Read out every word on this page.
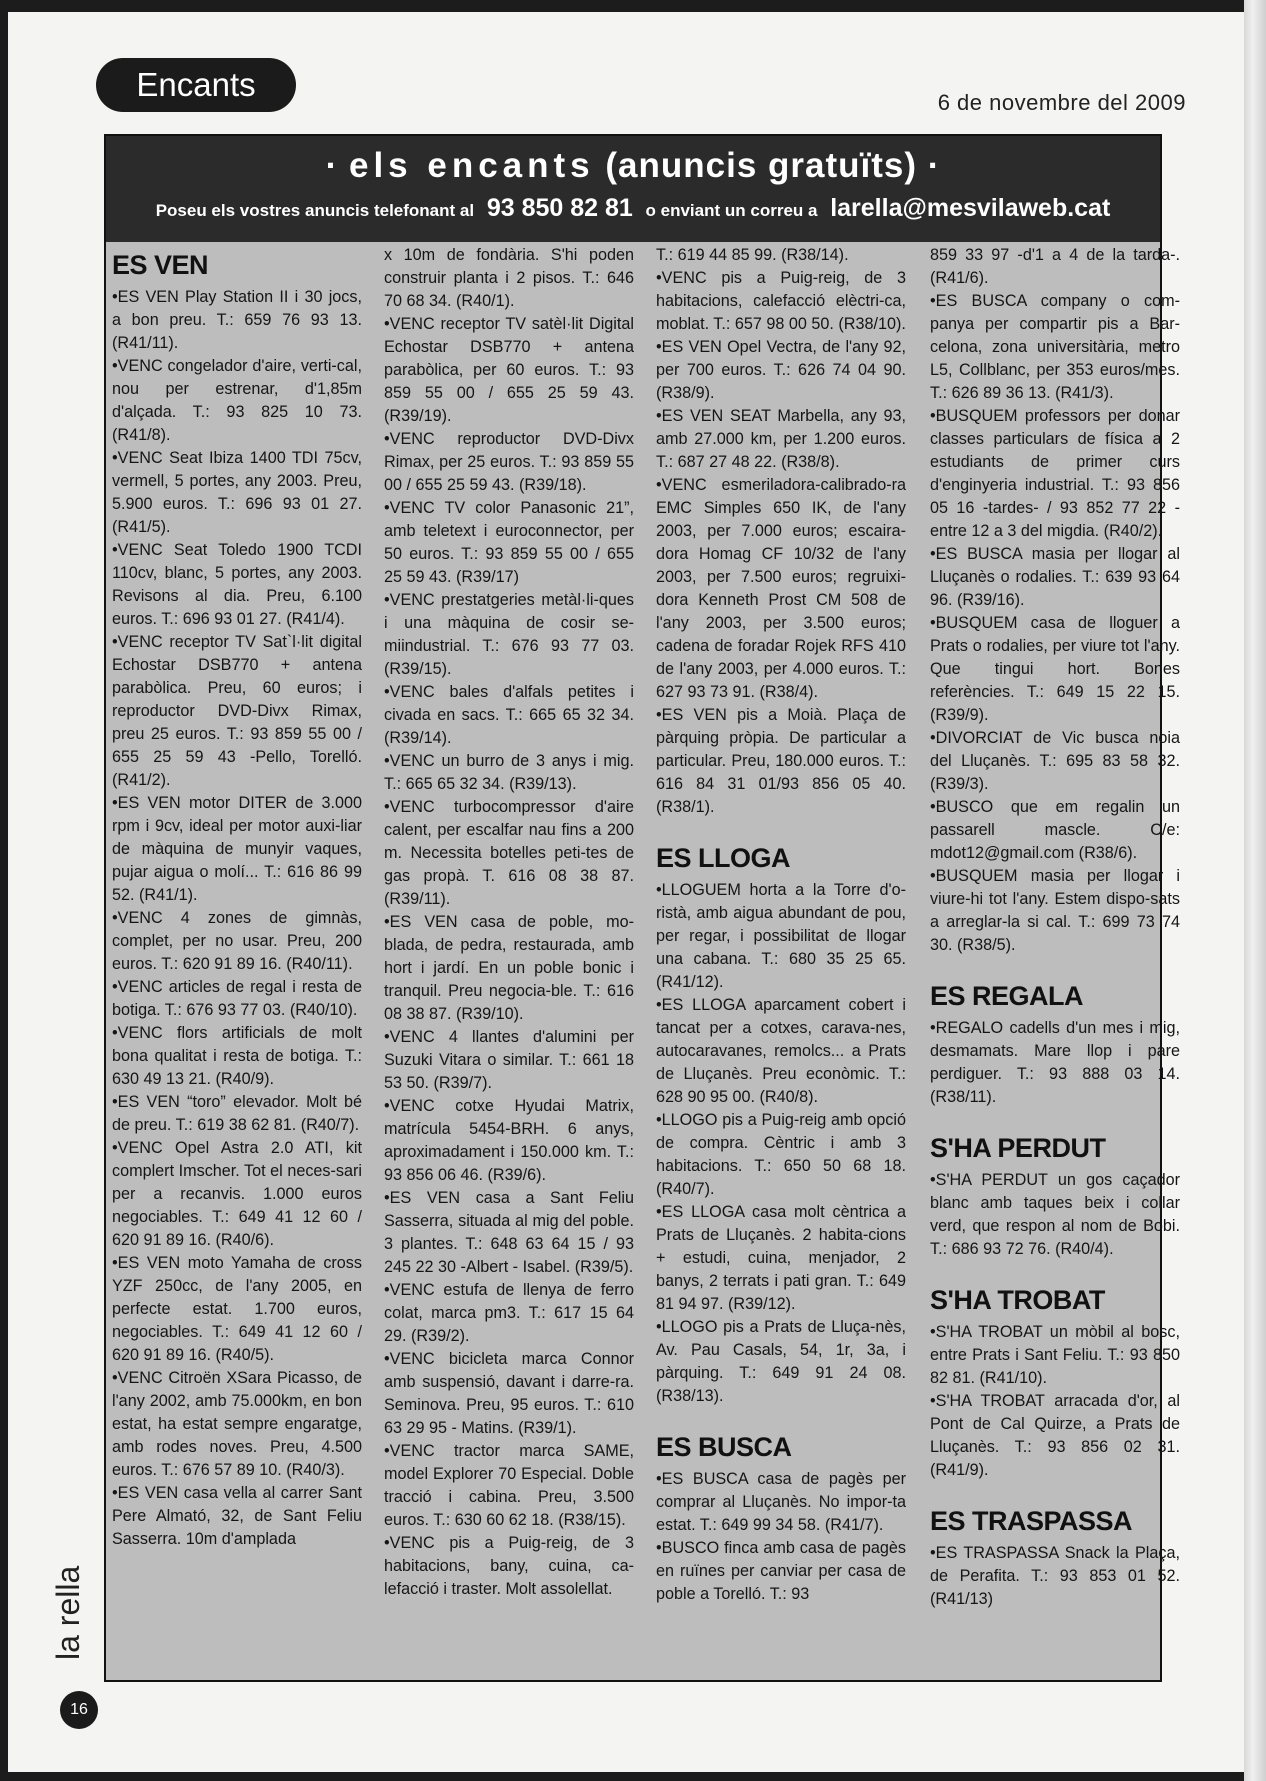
Encants	6 de novembre del 2009
· els encants (anuncis gratuïts) ·
Poseu els vostres anuncis telefonant al 93 850 82 81 o enviant un correu a larella@mesvilaweb.cat
ES VEN

•ES VEN Play Station II i 30 jocs, a bon preu. T.: 659 76 93 13. (R41/11).

•VENC congelador d'aire, verti-cal, nou per estrenar, d'1,85m d'alçada. T.: 93 825 10 73. (R41/8).

•VENC Seat Ibiza 1400 TDI 75cv, vermell, 5 portes, any 2003. Preu, 5.900 euros. T.: 696 93 01 27. (R41/5).

•VENC Seat Toledo 1900 TCDI 110cv, blanc, 5 portes, any 2003. Revisons al dia. Preu, 6.100 euros. T.: 696 93 01 27. (R41/4).

•VENC receptor TV Sat`l·lit digital Echostar DSB770 + antena parabòlica. Preu, 60 euros; i reproductor DVD-Divx Rimax, preu 25 euros. T.: 93 859 55 00 / 655 25 59 43 -Pello, Torelló. (R41/2).

•ES VEN motor DITER de 3.000 rpm i 9cv, ideal per motor auxi-liar de màquina de munyir vaques, pujar aigua o molí... T.: 616 86 99 52. (R41/1).

•VENC 4 zones de gimnàs, complet, per no usar. Preu, 200 euros. T.: 620 91 89 16. (R40/11).

•VENC articles de regal i resta de botiga. T.: 676 93 77 03. (R40/10).

•VENC flors artificials de molt bona qualitat i resta de botiga. T.: 630 49 13 21. (R40/9).

•ES VEN “toro” elevador. Molt bé de preu. T.: 619 38 62 81. (R40/7).

•VENC Opel Astra 2.0 ATI, kit complert Imscher. Tot el neces-sari per a recanvis. 1.000 euros negociables. T.: 649 41 12 60 / 620 91 89 16. (R40/6).

•ES VEN moto Yamaha de cross YZF 250cc, de l'any 2005, en perfecte estat. 1.700 euros, negociables. T.: 649 41 12 60 / 620 91 89 16. (R40/5).

•VENC Citroën XSara Picasso, de l'any 2002, amb 75.000km, en bon estat, ha estat sempre engaratge, amb rodes noves. Preu, 4.500 euros. T.: 676 57 89 10. (R40/3).

•ES VEN casa vella al carrer Sant Pere Almató, 32, de Sant Feliu Sasserra. 10m d'amplada

x 10m de fondària. S'hi poden construir planta i 2 pisos. T.: 646 70 68 34. (R40/1).

•VENC receptor TV satèl·lit Digital Echostar DSB770 + antena parabòlica, per 60 euros. T.: 93 859 55 00 / 655 25 59 43. (R39/19).

•VENC reproductor DVD-Divx Rimax, per 25 euros. T.: 93 859 55 00 / 655 25 59 43. (R39/18).

•VENC TV color Panasonic 21”, amb teletext i euroconnector, per 50 euros. T.: 93 859 55 00 / 655 25 59 43. (R39/17)

•VENC prestatgeries metàl·li-ques i una màquina de cosir se-miindustrial. T.: 676 93 77 03. (R39/15).

•VENC bales d'alfals petites i civada en sacs. T.: 665 65 32 34. (R39/14).

•VENC un burro de 3 anys i mig. T.: 665 65 32 34. (R39/13).

•VENC turbocompressor d'aire calent, per escalfar nau fins a 200 m. Necessita botelles peti-tes de gas propà. T. 616 08 38 87. (R39/11).

•ES VEN casa de poble, mo-blada, de pedra, restaurada, amb hort i jardí. En un poble bonic i tranquil. Preu negocia-ble. T.: 616 08 38 87. (R39/10).

•VENC 4 llantes d'alumini per Suzuki Vitara o similar. T.: 661 18 53 50. (R39/7).

•VENC cotxe Hyudai Matrix, matrícula 5454-BRH. 6 anys, aproximadament i 150.000 km. T.: 93 856 06 46. (R39/6).

•ES VEN casa a Sant Feliu Sasserra, situada al mig del poble. 3 plantes. T.: 648 63 64 15 / 93 245 22 30 -Albert - Isabel. (R39/5).

•VENC estufa de llenya de ferro colat, marca pm3. T.: 617 15 64 29. (R39/2).

•VENC bicicleta marca Connor amb suspensió, davant i darre-ra. Seminova. Preu, 95 euros. T.: 610 63 29 95 - Matins. (R39/1).

•VENC tractor marca SAME, model Explorer 70 Especial. Doble tracció i cabina. Preu, 3.500 euros. T.: 630 60 62 18. (R38/15).

•VENC pis a Puig-reig, de 3 habitacions, bany, cuina, ca-lefacció i traster. Molt assolellat.

T.: 619 44 85 99. (R38/14).

•VENC pis a Puig-reig, de 3 habitacions, calefacció elèctri-ca, moblat. T.: 657 98 00 50. (R38/10).

•ES VEN Opel Vectra, de l'any 92, per 700 euros. T.: 626 74 04 90. (R38/9).

•ES VEN SEAT Marbella, any 93, amb 27.000 km, per 1.200 euros. T.: 687 27 48 22. (R38/8).

•VENC esmeriladora-calibrado-ra EMC Simples 650 IK, de l'any 2003, per 7.000 euros; escaira-dora Homag CF 10/32 de l'any 2003, per 7.500 euros; regruixi-dora Kenneth Prost CM 508 de l'any 2003, per 3.500 euros; cadena de foradar Rojek RFS 410 de l'any 2003, per 4.000 euros. T.: 627 93 73 91. (R38/4).

•ES VEN pis a Moià. Plaça de pàrquing pròpia. De particular a particular. Preu, 180.000 euros. T.: 616 84 31 01/93 856 05 40. (R38/1).

ES LLOGA

•LLOGUEM horta a la Torre d'o-ristà, amb aigua abundant de pou, per regar, i possibilitat de llogar una cabana. T.: 680 35 25 65. (R41/12).

•ES LLOGA aparcament cobert i tancat per a cotxes, carava-nes, autocaravanes, remolcs... a Prats de Lluçanès. Preu econòmic. T.: 628 90 95 00. (R40/8).

•LLOGO pis a Puig-reig amb opció de compra. Cèntric i amb 3 habitacions. T.: 650 50 68 18. (R40/7).

•ES LLOGA casa molt cèntrica a Prats de Lluçanès. 2 habita-cions + estudi, cuina, menjador, 2 banys, 2 terrats i pati gran. T.: 649 81 94 97. (R39/12).

•LLOGO pis a Prats de Lluça-nès, Av. Pau Casals, 54, 1r, 3a, i pàrquing. T.: 649 91 24 08. (R38/13).

ES BUSCA

•ES BUSCA casa de pagès per comprar al Lluçanès. No impor-ta estat. T.: 649 99 34 58. (R41/7).

•BUSCO finca amb casa de pagès en ruïnes per canviar per casa de poble a Torelló. T.: 93

859 33 97 -d'1 a 4 de la tarda-. (R41/6).

•ES BUSCA company o com-panya per compartir pis a Bar-celona, zona universitària, metro L5, Collblanc, per 353 euros/mes. T.: 626 89 36 13. (R41/3).

•BUSQUEM professors per donar classes particulars de física a 2 estudiants de primer curs d'enginyeria industrial. T.: 93 856 05 16 -tardes- / 93 852 77 22 -entre 12 a 3 del migdia. (R40/2).

•ES BUSCA masia per llogar al Lluçanès o rodalies. T.: 639 93 64 96. (R39/16).

•BUSQUEM casa de lloguer a Prats o rodalies, per viure tot l'any. Que tingui hort. Bones referències. T.: 649 15 22 15. (R39/9).

•DIVORCIAT de Vic busca noia del Lluçanès. T.: 695 83 58 32. (R39/3).

•BUSCO que em regalin un passarell mascle. C/e: mdot12@gmail.com (R38/6).

•BUSQUEM masia per llogar i viure-hi tot l'any. Estem dispo-sats a arreglar-la si cal. T.: 699 73 74 30. (R38/5).

ES REGALA

•REGALO cadells d'un mes i mig, desmamats. Mare llop i pare perdiguer. T.: 93 888 03 14. (R38/11).

S'HA PERDUT

•S'HA PERDUT un gos caçador blanc amb taques beix i collar verd, que respon al nom de Bobi. T.: 686 93 72 76. (R40/4).

S'HA TROBAT

•S'HA TROBAT un mòbil al bosc, entre Prats i Sant Feliu. T.: 93 850 82 81. (R41/10).

•S'HA TROBAT arracada d'or, al Pont de Cal Quirze, a Prats de Lluçanès. T.: 93 856 02 31. (R41/9).

ES TRASPASSA

•ES TRASPASSA Snack la Plaça, de Perafita. T.: 93 853 01 52. (R41/13)

la rella
16
